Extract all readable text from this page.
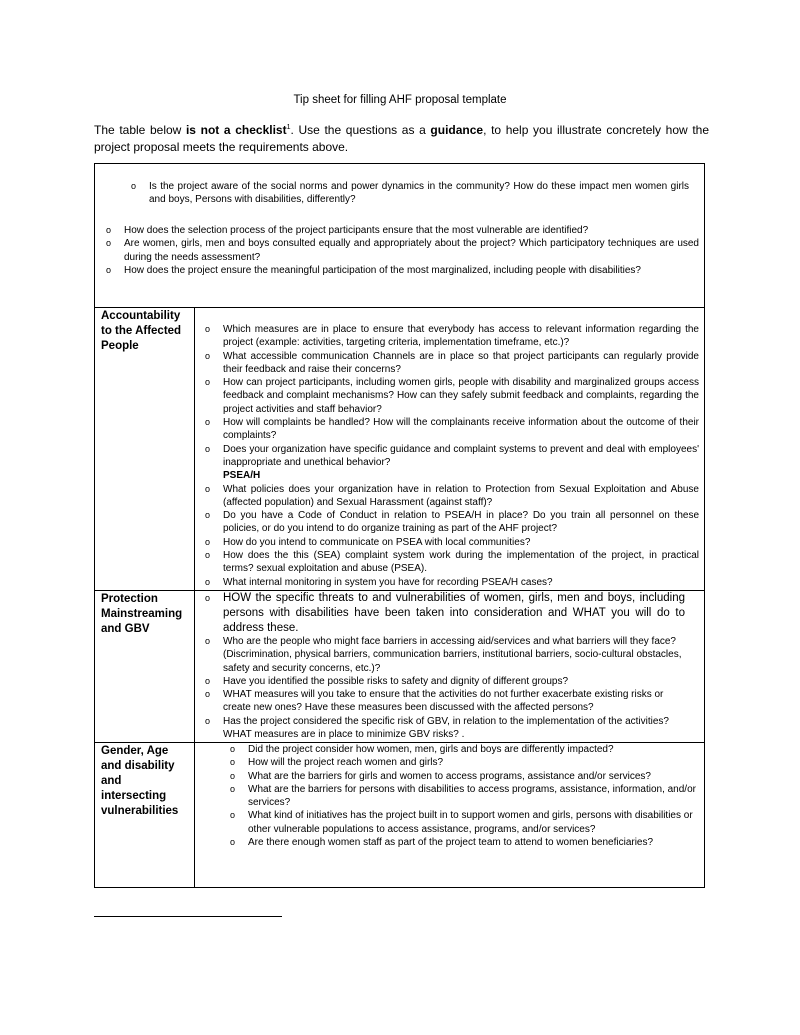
Tip sheet for filling AHF proposal template
The table below is not a checklist$^1$. Use the questions as a guidance, to help you illustrate concretely how the project proposal meets the requirements above.
o Is the project aware of the social norms and power dynamics in the community? How do these impact men women girls and boys, Persons with disabilities, differently?
o How does the selection process of the project participants ensure that the most vulnerable are identified?
o Are women, girls, men and boys consulted equally and appropriately about the project? Which participatory techniques are used during the needs assessment?
o How does the project ensure the meaningful participation of the most marginalized, including people with disabilities?
Accountability to the Affected People
o Which measures are in place to ensure that everybody has access to relevant information regarding the project (example: activities, targeting criteria, implementation timeframe, etc.)?
o What accessible communication Channels are in place so that project participants can regularly provide their feedback and raise their concerns?
o How can project participants, including women girls, people with disability and marginalized groups access feedback and complaint mechanisms? How can they safely submit feedback and complaints, regarding the project activities and staff behavior?
o How will complaints be handled? How will the complainants receive information about the outcome of their complaints?
o Does your organization have specific guidance and complaint systems to prevent and deal with employees' inappropriate and unethical behavior?
PSEA/H
o What policies does your organization have in relation to Protection from Sexual Exploitation and Abuse (affected population) and Sexual Harassment (against staff)?
o Do you have a Code of Conduct in relation to PSEA/H in place? Do you train all personnel on these policies, or do you intend to do organize training as part of the AHF project?
o How do you intend to communicate on PSEA with local communities?
o How does the this (SEA) complaint system work during the implementation of the project, in practical terms? sexual exploitation and abuse (PSEA).
o What internal monitoring in system you have for recording PSEA/H cases?
Protection Mainstreaming and GBV
o HOW the specific threats to and vulnerabilities of women, girls, men and boys, including persons with disabilities have been taken into consideration and WHAT you will do to address these.
o Who are the people who might face barriers in accessing aid/services and what barriers will they face? (Discrimination, physical barriers, communication barriers, institutional barriers, socio-cultural obstacles, safety and security concerns, etc.)?
o Have you identified the possible risks to safety and dignity of different groups?
o WHAT measures will you take to ensure that the activities do not further exacerbate existing risks or create new ones? Have these measures been discussed with the affected persons?
o Has the project considered the specific risk of GBV, in relation to the implementation of the activities? WHAT measures are in place to minimize GBV risks? .
Gender, Age and disability and intersecting vulnerabilities
o Did the project consider how women, men, girls and boys are differently impacted?
o How will the project reach women and girls?
o What are the barriers for girls and women to access programs, assistance and/or services?
o What are the barriers for persons with disabilities to access programs, assistance, information, and/or services?
o What kind of initiatives has the project built in to support women and girls, persons with disabilities or other vulnerable populations to access assistance, programs, and/or services?
o Are there enough women staff as part of the project team to attend to women beneficiaries?
